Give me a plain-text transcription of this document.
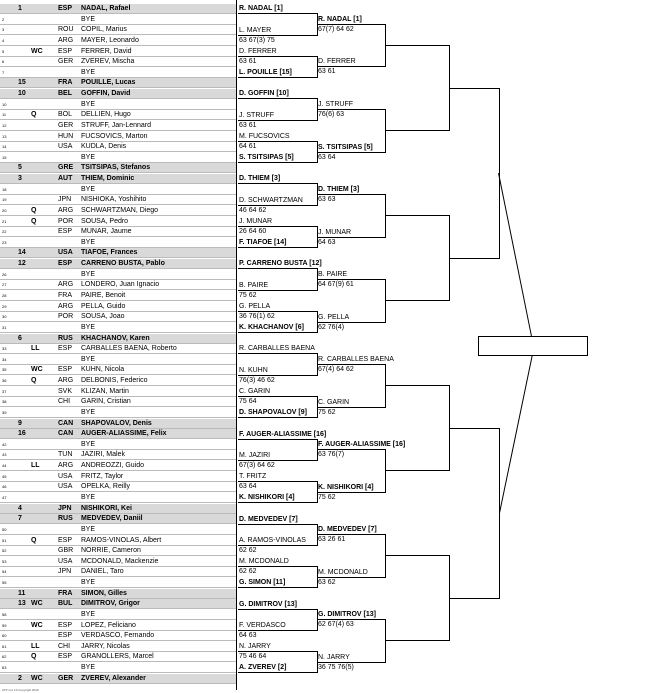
1	ESP NADAL, Rafael
2	BYE
3	ROU COPIL, Marius
4	ARG MAYER, Leonardo
5	WC ESP FERRER, David
6	GER ZVEREV, Mischa
7	BYE
15	FRA POUILLE, Lucas
10	BEL GOFFIN, David
10	BYE
11	Q	BOL DELLIEN, Hugo
12	GER STRUFF, Jan-Lennard
13	HUN FUCSOVICS, Marton
14	USA KUDLA, Denis
15	BYE
5	GRE TSITSIPAS, Stefanos
3	AUT THIEM, Dominic
18	BYE
19	JPN NISHIOKA, Yoshihito
20	Q	ARG SCHWARTZMAN, Diego
21	Q	POR SOUSA, Pedro
22	ESP MUNAR, Jaume
23	BYE
14	USA TIAFOE, Frances
12	ESP CARRENO BUSTA, Pablo
26	BYE
27	ARG LONDERO, Juan Ignacio
28	FRA PAIRE, Benoit
29	ARG PELLA, Guido
30	POR SOUSA, Joao
31	BYE
6	RUS KHACHANOV, Karen
33	LL	ESP CARBALLES BAENA, Roberto
34	BYE
35	WC ESP KUHN, Nicola
36	Q	ARG DELBONIS, Federico
37	SVK KLIZAN, Martin
38	CHI GARIN, Cristian
39	BYE
9	CAN SHAPOVALOV, Denis
16	CAN AUGER-ALIASSIME, Felix
42	BYE
43	TUN JAZIRI, Malek
44	LL	ARG ANDREOZZI, Guido
45	USA FRITZ, Taylor
46	USA OPELKA, Reilly
47	BYE
4	JPN NISHIKORI, Kei
7	RUS MEDVEDEV, Daniil
50	BYE
51	Q	ESP RAMOS-VINOLAS, Albert
52	GBR NORRIE, Cameron
53	USA MCDONALD, Mackenzie
54	JPN DANIEL, Taro
55	BYE
11	FRA SIMON, Gilles
13 WC BUL DIMITROV, Grigor
58	BYE
59	WC ESP LOPEZ, Feliciano
60	ESP VERDASCO, Fernando
61	LL	CHI JARRY, Nicolas
62	Q	ESP GRANOLLERS, Marcel
63	BYE
2 WC GER ZVEREV, Alexander
R. NADAL [1]
L. MAYER
63 67(3) 75
D. FERRER
63 61
L. POUILLE [15]
D. GOFFIN [10]
J. STRUFF
63 61
M. FUCSOVICS
64 61
S. TSITSIPAS [5]
D. THIEM [3]
D. SCHWARTZMAN
46 64 62
J. MUNAR
26 64 60
F. TIAFOE [14]
P. CARRENO BUSTA [12]
B. PAIRE
75 62
G. PELLA
36 76(1) 62
K. KHACHANOV [6]
R. CARBALLES BAENA
N. KUHN
76(3) 46 62
C. GARIN
75 64
D. SHAPOVALOV [9]
F. AUGER-ALIASSIME [16]
M. JAZIRI
67(3) 64 62
T. FRITZ
63 64
K. NISHIKORI [4]
D. MEDVEDEV [7]
A. RAMOS-VINOLAS
62 62
M. MCDONALD
62 62
G. SIMON [11]
G. DIMITROV [13]
F. VERDASCO
64 63
N. JARRY
75 46 64
A. ZVEREV [2]
R. NADAL [1]
67(7) 64 62
D. FERRER
63 61
J. STRUFF
76(6) 63
S. TSITSIPAS [5]
63 64
D. THIEM [3]
63 63
J. MUNAR
64 63
B. PAIRE
64 67(9) 61
G. PELLA
62 76(4)
R. CARBALLES BAENA
67(4) 64 62
C. GARIN
75 62
F. AUGER-ALIASSIME [16]
63 76(7)
K. NISHIKORI [4]
75 62
D. MEDVEDEV [7]
63 26 61
M. MCDONALD
63 62
G. DIMITROV [13]
62 67(4) 63
N. JARRY
36 75 76(5)
ATP nov 10 Copyright 2019
